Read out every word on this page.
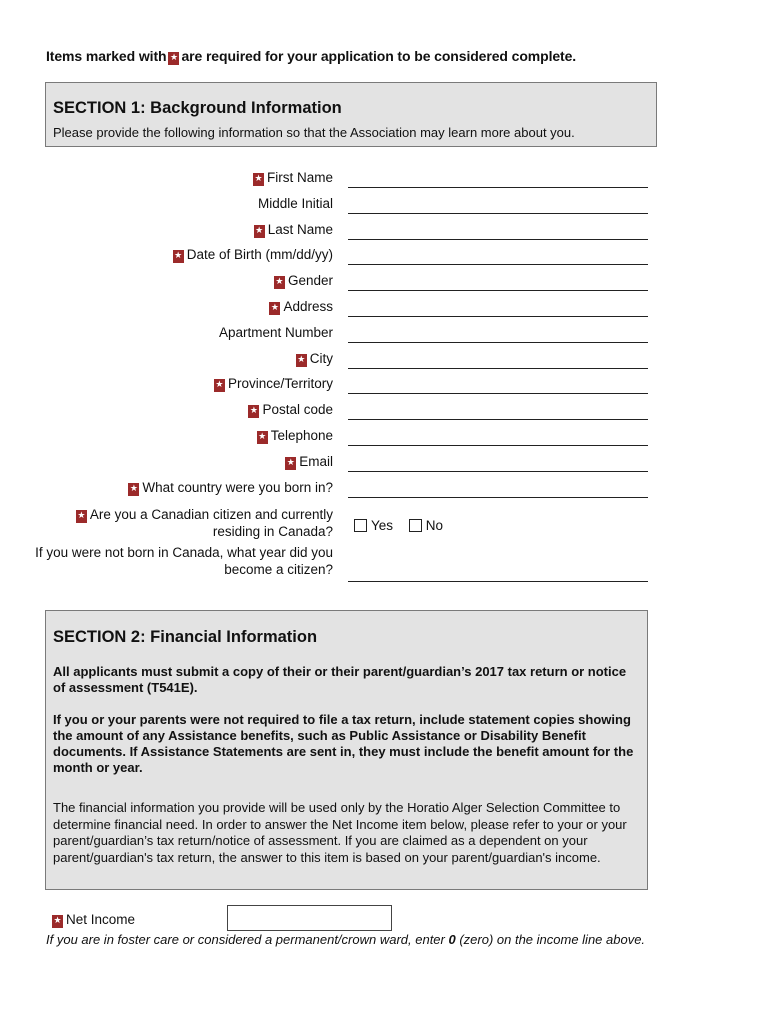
Items marked with ★ are required for your application to be considered complete.
SECTION 1: Background Information
Please provide the following information so that the Association may learn more about you.
★ First Name
Middle Initial
★ Last Name
★ Date of Birth (mm/dd/yy)
★ Gender
★ Address
Apartment Number
★ City
★ Province/Territory
★ Postal code
★ Telephone
★ Email
★ What country were you born in?
★ Are you a Canadian citizen and currently residing in Canada?	Yes No
If you were not born in Canada, what year did you become a citizen?
SECTION 2: Financial Information
All applicants must submit a copy of their or their parent/guardian’s 2017 tax return or notice of assessment (T541E).
If you or your parents were not required to file a tax return, include statement copies showing the amount of any Assistance benefits, such as Public Assistance or Disability Benefit documents. If Assistance Statements are sent in, they must include the benefit amount for the month or year.
The financial information you provide will be used only by the Horatio Alger Selection Committee to determine financial need. In order to answer the Net Income item below, please refer to your or your parent/guardian’s tax return/notice of assessment. If you are claimed as a dependent on your parent/guardian's tax return, the answer to this item is based on your parent/guardian's income.
★ Net Income
If you are in foster care or considered a permanent/crown ward, enter 0 (zero) on the income line above.
